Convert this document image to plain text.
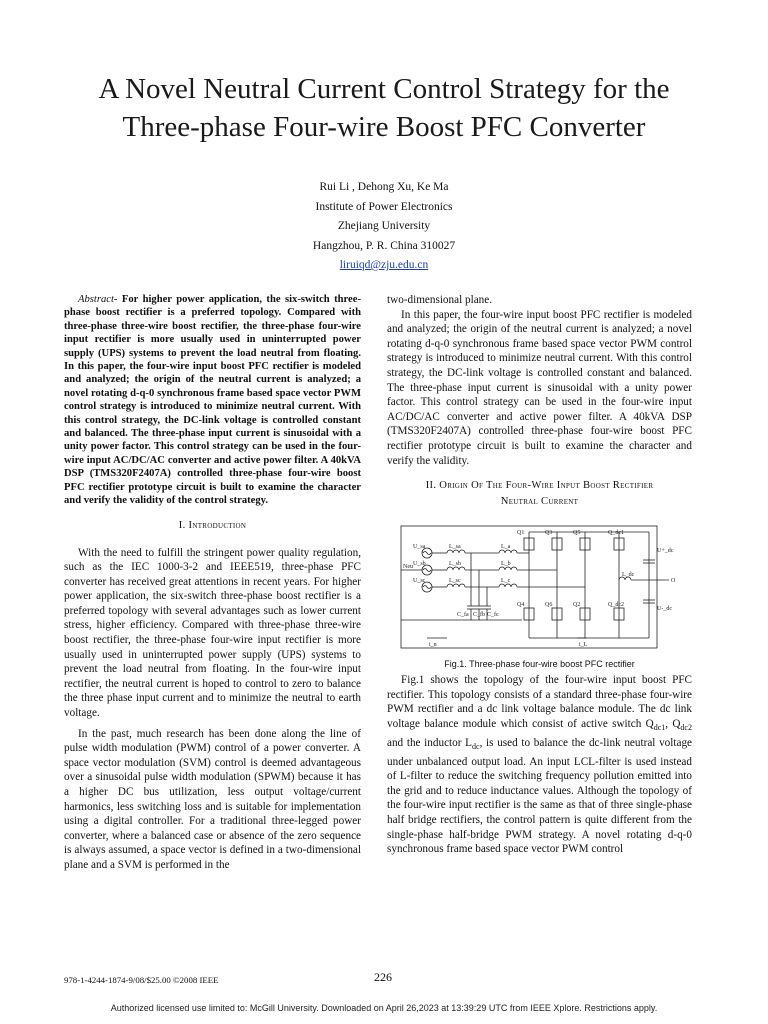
A Novel Neutral Current Control Strategy for the
Three-phase Four-wire Boost PFC Converter
Rui Li , Dehong Xu, Ke Ma
Institute of Power Electronics
Zhejiang University
Hangzhou, P. R. China 310027
liruiqd@zju.edu.cn

Abstract- For higher power application, the six-switch three-phase boost rectifier is a preferred topology. Compared with three-phase three-wire boost rectifier, the three-phase four-wire input rectifier is more usually used in uninterrupted power supply (UPS) systems to prevent the load neutral from floating. In this paper, the four-wire input boost PFC rectifier is modeled and analyzed; the origin of the neutral current is analyzed; a novel rotating d-q-0 synchronous frame based space vector PWM control strategy is introduced to minimize neutral current. With this control strategy, the DC-link voltage is controlled constant and balanced. The three-phase input current is sinusoidal with a unity power factor. This control strategy can be used in the four-wire input AC/DC/AC converter and active power filter. A 40kVA DSP (TMS320F2407A) controlled three-phase four-wire boost PFC rectifier prototype circuit is built to examine the character and verify the validity of the control strategy.

I. Introduction

With the need to fulfill the stringent power quality regulation, such as the IEC 1000-3-2 and IEEE519, three-phase PFC converter has received great attentions in recent years. For higher power application, the six-switch three-phase boost rectifier is a preferred topology with several advantages such as lower current stress, higher efficiency. Compared with three-phase three-wire boost rectifier, the three-phase four-wire input rectifier is more usually used in uninterrupted power supply (UPS) systems to prevent the load neutral from floating. In the four-wire input rectifier, the neutral current is hoped to control to zero to balance the three phase input current and to minimize the neutral to earth voltage.

In the past, much research has been done along the line of pulse width modulation (PWM) control of a power converter. A space vector modulation (SVM) control is deemed advantageous over a sinusoidal pulse width modulation (SPWM) because it has a higher DC bus utilization, less output voltage/current harmonics, less switching loss and is suitable for implementation using a digital controller. For a traditional three-legged power converter, where a balanced case or absence of the zero sequence is always assumed, a space vector is defined in a two-dimensional plane and a SVM is performed in the

two-dimensional plane.

In this paper, the four-wire input boost PFC rectifier is modeled and analyzed; the origin of the neutral current is analyzed; a novel rotating d-q-0 synchronous frame based space vector PWM control strategy is introduced to minimize neutral current. With this control strategy, the DC-link voltage is controlled constant and balanced. The three-phase input current is sinusoidal with a unity power factor. This control strategy can be used in the four-wire input AC/DC/AC converter and active power filter. A 40kVA DSP (TMS320F2407A) controlled three-phase four-wire boost PFC rectifier prototype circuit is built to examine the character and verify the validity.

II. Origin Of The Four-Wire Input Boost Rectifier
Neutral Current
U_sa
U_sb
U_sc
Neu
L_sa
L_sb
L_sc
L_a
L_b
L_c
C_fa C_fb C_fc
Q1	Q3	Q5	Q_dc1
Q4	Q6	Q2	Q_dc2
L_dc
U+_dc
U-_dc
O
i_n	i_L
Fig.1. Three-phase four-wire boost PFC rectifier

Fig.1 shows the topology of the four-wire input boost PFC rectifier. This topology consists of a standard three-phase four-wire PWM rectifier and a dc link voltage balance module. The dc link voltage balance module which consist of active switch $Q_{dc1}$, $Q_{dc2}$ and the inductor $L_{dc}$, is used to balance the dc-link neutral voltage under unbalanced output load. An input LCL-filter is used instead of L-filter to reduce the switching frequency pollution emitted into the grid and to reduce inductance values. Although the topology of the four-wire input rectifier is the same as that of three single-phase half bridge rectifiers, the control pattern is quite different from the single-phase half-bridge PWM strategy. A novel rotating d-q-0 synchronous frame based space vector PWM control

978-1-4244-1874-9/08/$25.00 ©2008 IEEE	226
Authorized licensed use limited to: McGill University. Downloaded on April 26,2023 at 13:39:29 UTC from IEEE Xplore. Restrictions apply.
